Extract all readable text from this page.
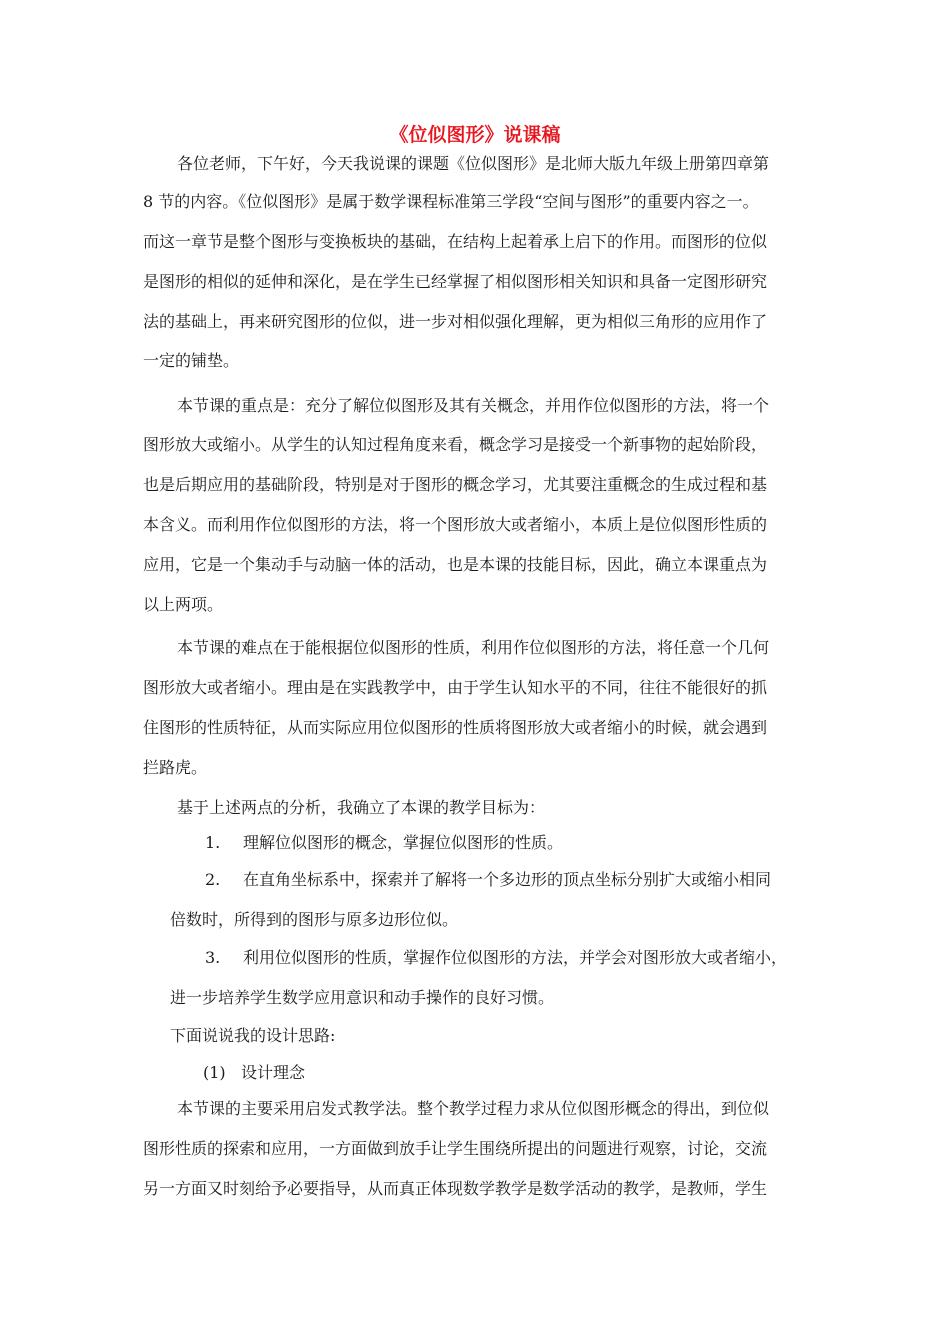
《位似图形》说课稿
各位老师，下午好，今天我说课的课题《位似图形》是北师大版九年级上册第四章第
8 节的内容。《位似图形》是属于数学课程标准第三学段“空间与图形”的重要内容之一。
而这一章节是整个图形与变换板块的基础，在结构上起着承上启下的作用。而图形的位似
是图形的相似的延伸和深化，是在学生已经掌握了相似图形相关知识和具备一定图形研究
法的基础上，再来研究图形的位似，进一步对相似强化理解，更为相似三角形的应用作了
一定的铺垫。
本节课的重点是：充分了解位似图形及其有关概念，并用作位似图形的方法，将一个
图形放大或缩小。从学生的认知过程角度来看，概念学习是接受一个新事物的起始阶段，
也是后期应用的基础阶段，特别是对于图形的概念学习，尤其要注重概念的生成过程和基
本含义。而利用作位似图形的方法，将一个图形放大或者缩小，本质上是位似图形性质的
应用，它是一个集动手与动脑一体的活动，也是本课的技能目标，因此，确立本课重点为
以上两项。
本节课的难点在于能根据位似图形的性质，利用作位似图形的方法，将任意一个几何
图形放大或者缩小。理由是在实践教学中，由于学生认知水平的不同，往往不能很好的抓
住图形的性质特征，从而实际应用位似图形的性质将图形放大或者缩小的时候，就会遇到
拦路虎。
基于上述两点的分析，我确立了本课的教学目标为：
1. 理解位似图形的概念，掌握位似图形的性质。
2. 在直角坐标系中，探索并了解将一个多边形的顶点坐标分别扩大或缩小相同
倍数时，所得到的图形与原多边形位似。
3. 利用位似图形的性质，掌握作位似图形的方法，并学会对图形放大或者缩小，
进一步培养学生数学应用意识和动手操作的良好习惯。
下面说说我的设计思路:
(1) 设计理念
本节课的主要采用启发式教学法。整个教学过程力求从位似图形概念的得出，到位似
图形性质的探索和应用，一方面做到放手让学生围绕所提出的问题进行观察，讨论，交流
另一方面又时刻给予必要指导，从而真正体现数学教学是数学活动的教学，是教师，学生
